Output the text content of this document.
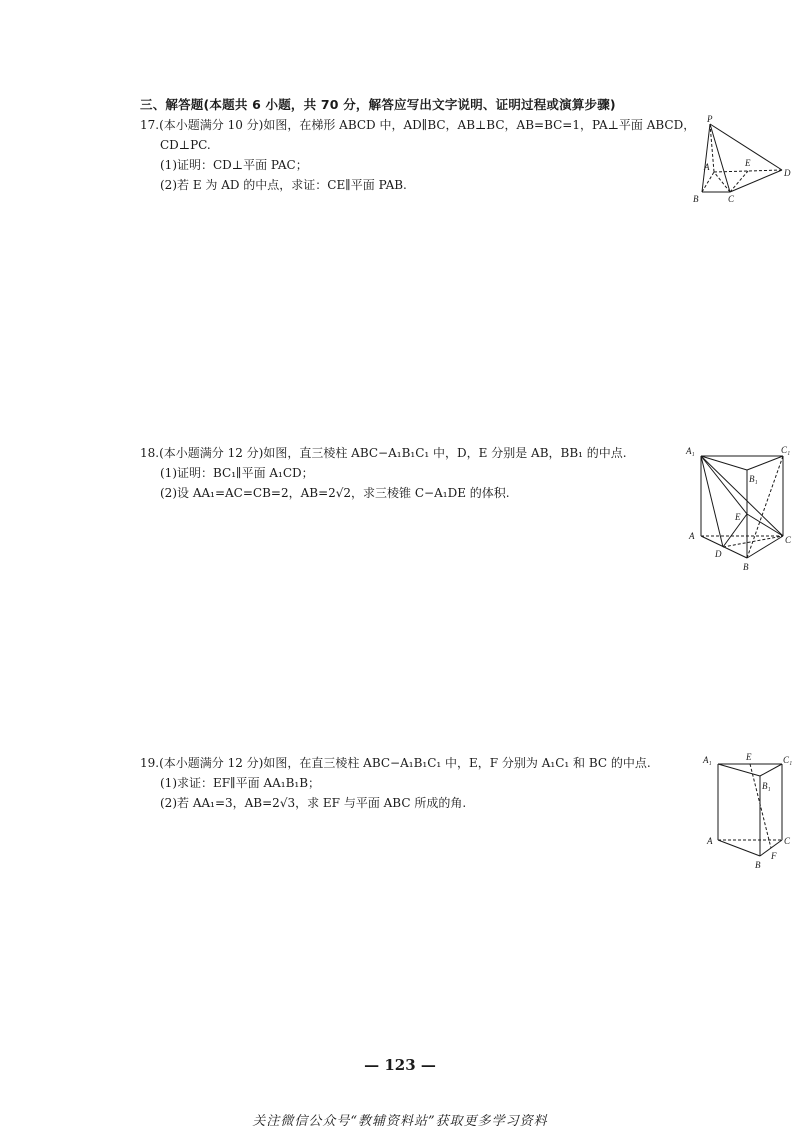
三、解答题(本题共 6 小题，共 70 分，解答应写出文字说明、证明过程或演算步骤)
17.(本小题满分 10 分)如图，在梯形 ABCD 中，AD∥BC，AB⊥BC，AB=BC=1，PA⊥平面 ABCD，
CD⊥PC.
(1)证明：CD⊥平面 PAC；
(2)若 E 为 AD 的中点，求证：CE∥平面 PAB.
P
A	E
D
B	C
18.(本小题满分 12 分)如图，直三棱柱 ABC−A₁B₁C₁ 中，D，E 分别是 AB，BB₁ 的中点.
(1)证明：BC₁∥平面 A₁CD；
(2)设 AA₁=AC=CB=2，AB=2√2，求三棱锥 C−A₁DE 的体积.
A₁	C₁
B₁
E
A	C
D
B
19.(本小题满分 12 分)如图，在直三棱柱 ABC−A₁B₁C₁ 中，E，F 分别为 A₁C₁ 和 BC 的中点.
(1)求证：EF∥平面 AA₁B₁B；
(2)若 AA₁=3，AB=2√3，求 EF 与平面 ABC 所成的角.
A₁	E	C₁
B₁
A	C
F
B
— 123 —
关注微信公众号“教辅资料站”获取更多学习资料
